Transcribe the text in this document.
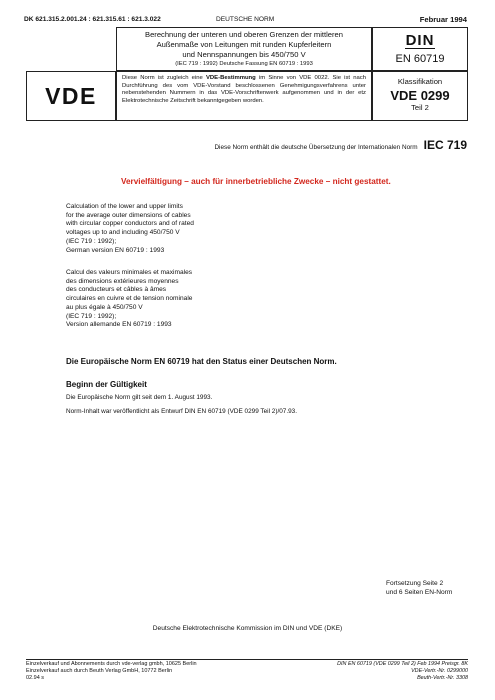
DK 621.315.2.001.24 : 621.315.61 : 621.3.022	DEUTSCHE NORM	Februar 1994
Berechnung der unteren und oberen Grenzen der mittleren
Außenmaße von Leitungen mit runden Kupferleitern
und Nennspannungen bis 450/750 V
(IEC 719 : 1992) Deutsche Fassung EN 60719 : 1993
DIN
EN 60719
VDE
Diese Norm ist zugleich eine VDE-Bestimmung im Sinne von VDE 0022. Sie ist nach Durchführung des vom VDE-Vorstand beschlossenen Genehmigungsverfahrens unter nebenstehenden Nummern in das VDE-Vorschriftenwerk aufgenommen und in der etz Elektrotechnische Zeitschrift bekanntgegeben worden.
Klassifikation
VDE 0299
Teil 2
Diese Norm enthält die deutsche Übersetzung der Internationalen Norm IEC 719
Vervielfältigung – auch für innerbetriebliche Zwecke – nicht gestattet.
Calculation of the lower and upper limits
for the average outer dimensions of cables
with circular copper conductors and of rated
voltages up to and including 450/750 V
(IEC 719 : 1992);
German version EN 60719 : 1993
Calcul des valeurs minimales et maximales
des dimensions extérieures moyennes
des conducteurs et câbles à âmes
circulaires en cuivre et de tension nominale
au plus égale à 450/750 V
(IEC 719 : 1992);
Version allemande EN 60719 : 1993
Die Europäische Norm EN 60719 hat den Status einer Deutschen Norm.
Beginn der Gültigkeit
Die Europäische Norm gilt seit dem 1. August 1993.
Norm-Inhalt war veröffentlicht als Entwurf DIN EN 60719 (VDE 0299 Teil 2)/07.93.
Fortsetzung Seite 2
und 6 Seiten EN-Norm
Deutsche Elektrotechnische Kommission im DIN und VDE (DKE)
Einzelverkauf und Abonnements durch vde-verlag gmbh, 10625 Berlin
Einzelverkauf auch durch Beuth Verlag GmbH, 10772 Berlin
02.94 s
DIN EN 60719 (VDE 0299 Teil 2) Feb 1994 Preisgr. 8K
VDE-Vertr.-Nr. 0299000
Beuth-Vertr.-Nr. 3308
